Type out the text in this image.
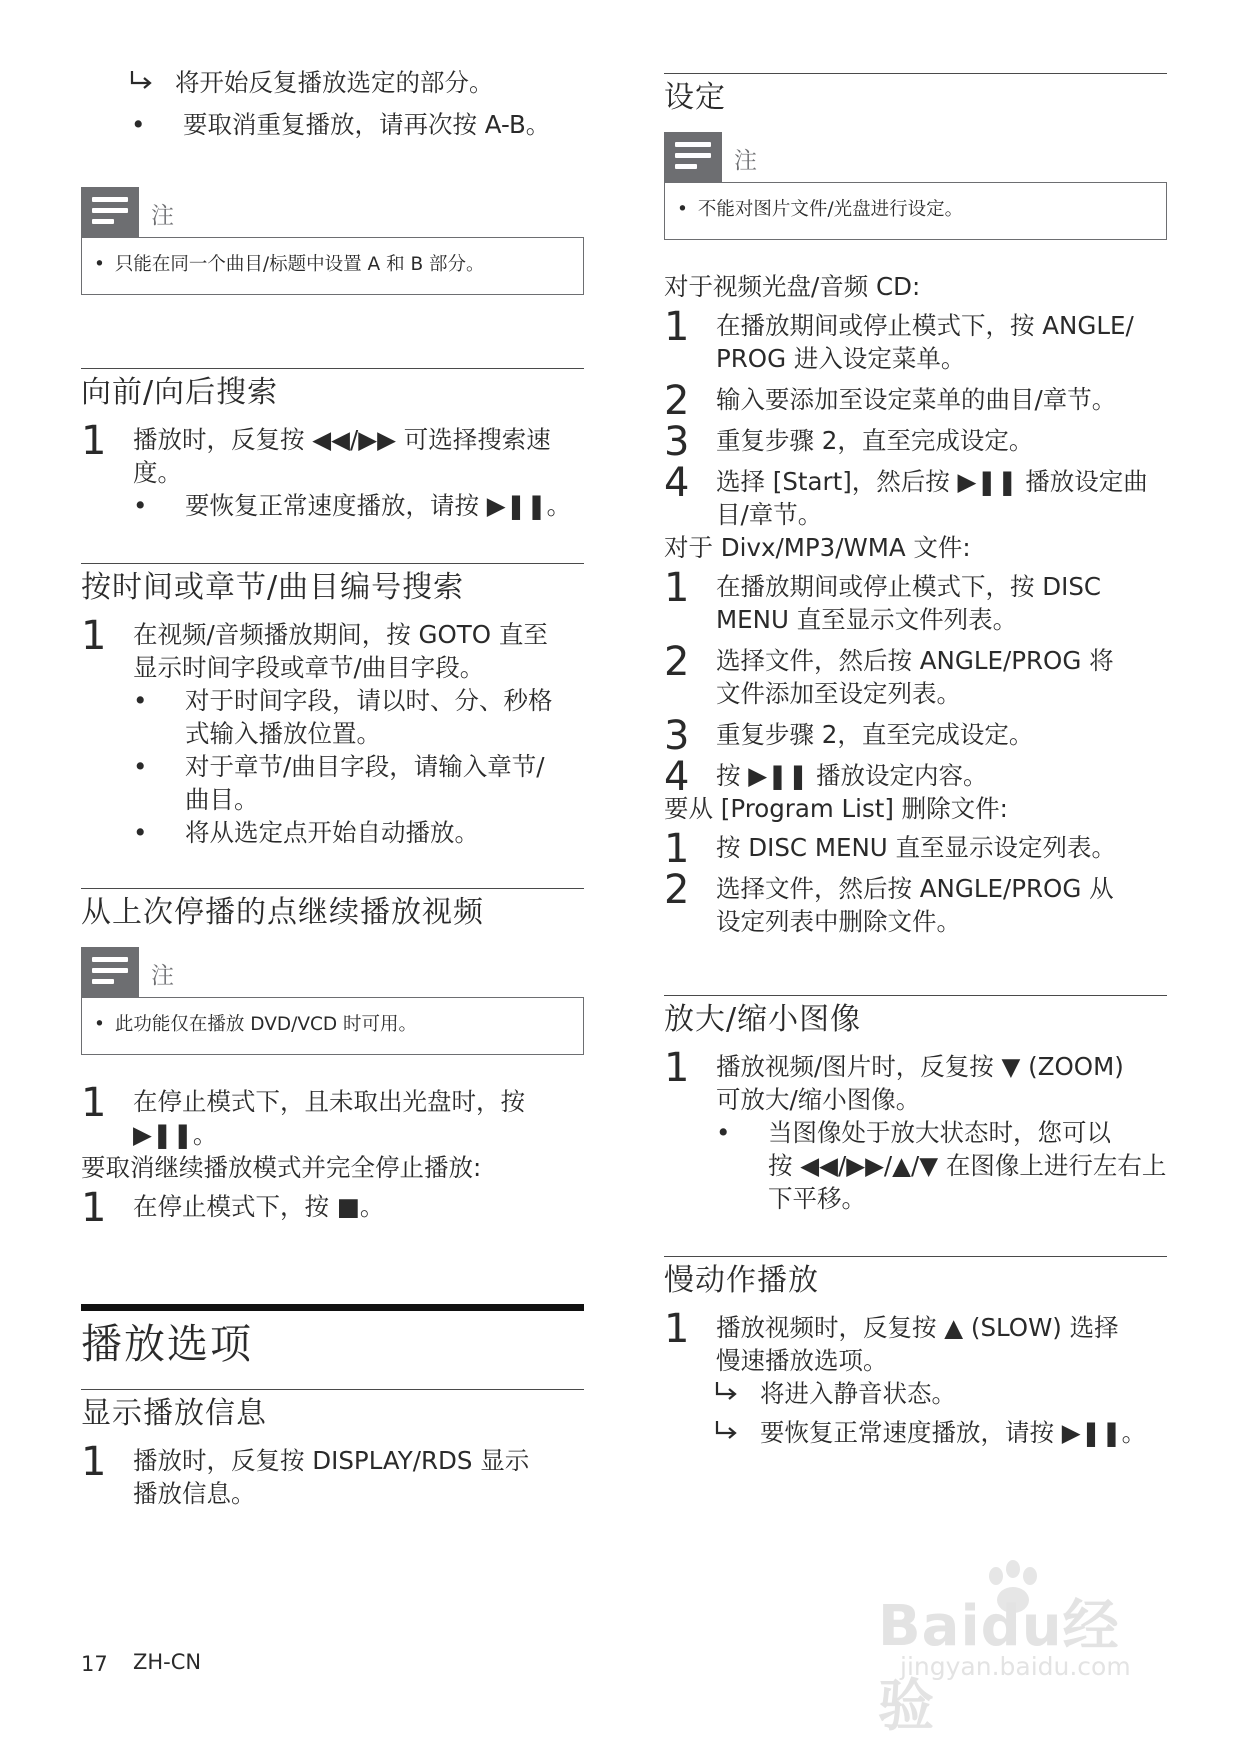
将开始反复播放选定的部分。
• 要取消重复播放，请再次按 A-B。
注
• 只能在同一个曲目/标题中设置 A 和 B 部分。
向前/向后搜索
1 播放时，反复按 ◀◀/▶▶ 可选择搜索速
度。
• 要恢复正常速度播放，请按 ▶❚❚。
按时间或章节/曲目编号搜索
1 在视频/音频播放期间，按 GOTO 直至
显示时间字段或章节/曲目字段。
• 对于时间字段，请以时、分、秒格
式输入播放位置。
• 对于章节/曲目字段，请输入章节/
曲目。
• 将从选定点开始自动播放。
从上次停播的点继续播放视频
注
• 此功能仅在播放 DVD/VCD 时可用。
1 在停止模式下，且未取出光盘时，按
▶❚❚。
要取消继续播放模式并完全停止播放:
1 在停止模式下，按 ■。
播放选项
显示播放信息
1 播放时，反复按 DISPLAY/RDS 显示
播放信息。
设定
注
• 不能对图片文件/光盘进行设定。
对于视频光盘/音频 CD:
1 在播放期间或停止模式下，按 ANGLE/
PROG 进入设定菜单。
2 输入要添加至设定菜单的曲目/章节。
3 重复步骤 2，直至完成设定。
4 选择 [Start]，然后按 ▶❚❚ 播放设定曲
目/章节。
对于 Divx/MP3/WMA 文件:
1 在播放期间或停止模式下，按 DISC
MENU 直至显示文件列表。
2 选择文件，然后按 ANGLE/PROG 将
文件添加至设定列表。
3 重复步骤 2，直至完成设定。
4 按 ▶❚❚ 播放设定内容。
要从 [Program List] 删除文件:
1 按 DISC MENU 直至显示设定列表。
2 选择文件，然后按 ANGLE/PROG 从
设定列表中删除文件。
放大/缩小图像
1 播放视频/图片时，反复按 ▼ (ZOOM)
可放大/缩小图像。
• 当图像处于放大状态时，您可以
按 ◀◀/▶▶/▲/▼ 在图像上进行左右上
下平移。
慢动作播放
1 播放视频时，反复按 ▲ (SLOW) 选择
慢速播放选项。
将进入静音状态。
要恢复正常速度播放，请按 ▶❚❚。
17 ZH-CN
Baidu经验
jingyan.baidu.com
